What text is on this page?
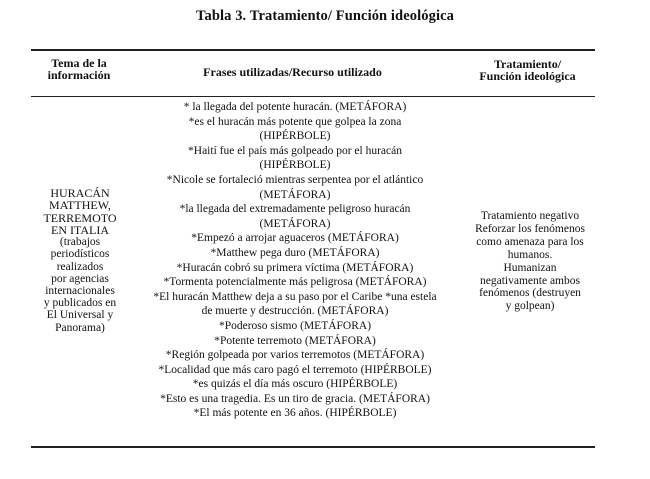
Tabla 3. Tratamiento/ Función ideológica
Tema de la
información	Frases utilizadas/Recurso utilizado
Tratamiento/
Función ideológica
HURACÁN
MATTHEW,
TERREMOTO
EN ITALIA
(trabajos
periodísticos
realizados
por agencias
internacionales
y publicados en
El Universal y
Panorama)

* la llegada del potente huracán. (METÁFORA)

*es el huracán más potente que golpea la zona

(HIPÉRBOLE)

*Haití fue el país más golpeado por el huracán

(HIPÉRBOLE)

*Nicole se fortaleció mientras serpentea por el atlántico

(METÁFORA)

*la llegada del extremadamente peligroso huracán

(METÁFORA)

*Empezó a arrojar aguaceros (METÁFORA)

*Matthew pega duro (METÁFORA)

*Huracán cobró su primera víctima (METÁFORA)

*Tormenta potencialmente más peligrosa (METÁFORA)

*El huracán Matthew deja a su paso por el Caribe *una estela

de muerte y destrucción. (METÁFORA)

*Poderoso sismo (METÁFORA)

*Potente terremoto (METÁFORA)

*Región golpeada por varios terremotos (METÁFORA)

*Localidad que más caro pagó el terremoto (HIPÉRBOLE)

*es quizás el día más oscuro (HIPÉRBOLE)

*Esto es una tragedia. Es un tiro de gracia. (METÁFORA)

*El más potente en 36 años. (HIPÉRBOLE)

Tratamiento negativo

Reforzar los fenómenos

como amenaza para los

humanos.

Humanizan

negativamente ambos

fenómenos (destruyen

y golpean)
